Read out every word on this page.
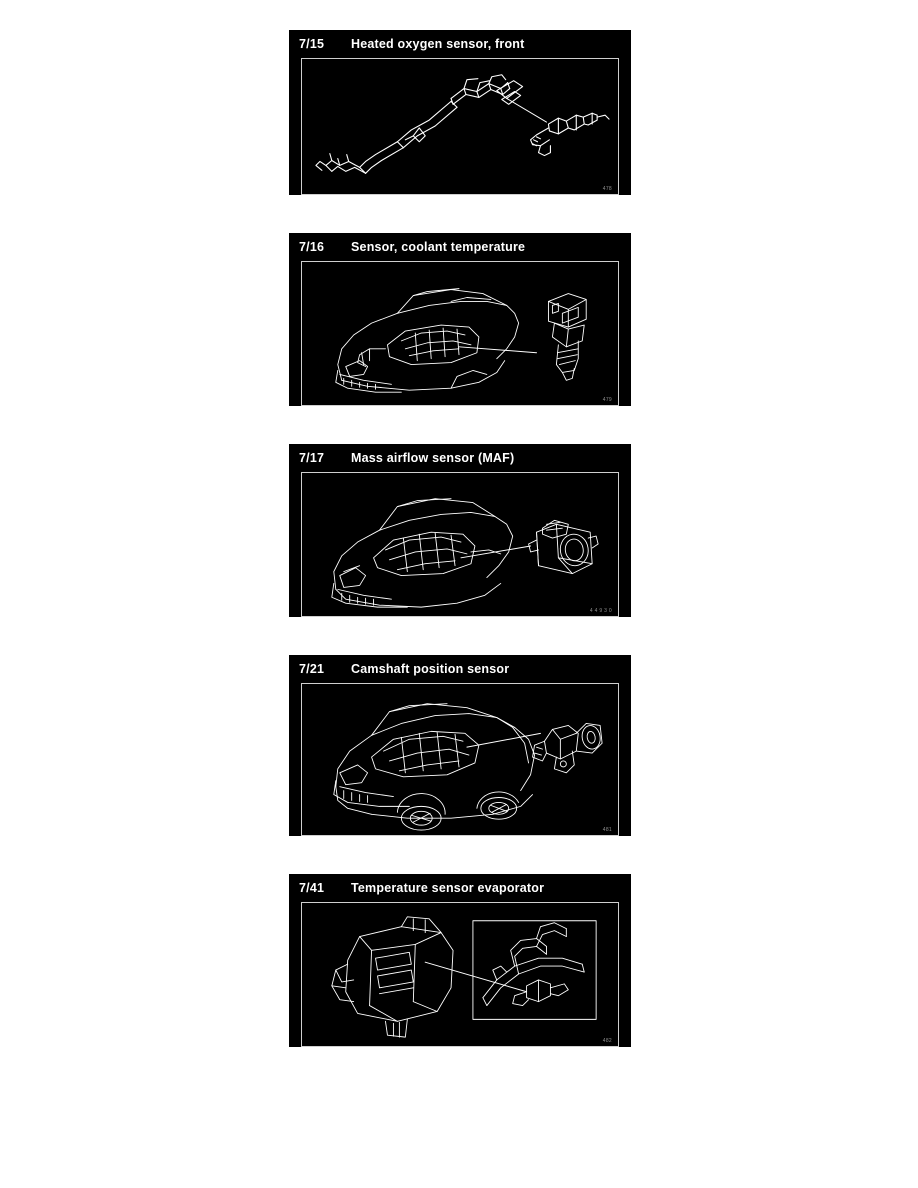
7/15	Heated oxygen sensor, front
478
7/16	Sensor, coolant temperature
479
7/17	Mass airflow sensor (MAF)
4 4 9 3 0
7/21	Camshaft position sensor
481
7/41	Temperature sensor evaporator
482
